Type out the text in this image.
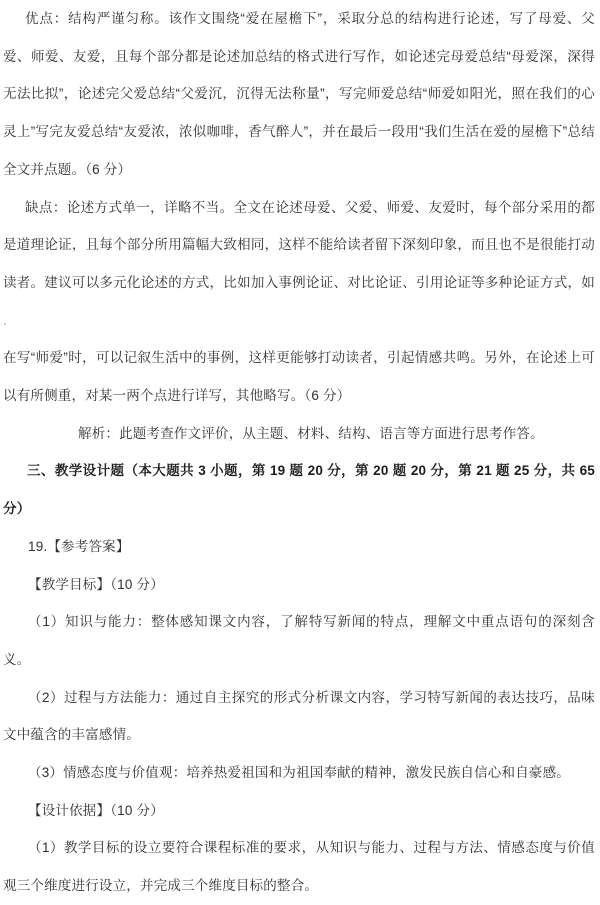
优点：结构严谨匀称。该作文围绕“爱在屋檐下”，采取分总的结构进行论述，写了母爱、父爱、师爱、友爱，且每个部分都是论述加总结的格式进行写作，如论述完母爱总结“母爱深，深得无法比拟”，论述完父爱总结“父爱沉，沉得无法称量”，写完师爱总结“师爱如阳光，照在我们的心灵上”写完友爱总结“友爱浓，浓似咖啡，香气醉人”，并在最后一段用“我们生活在爱的屋檐下”总结全文并点题。（6 分）

缺点：论述方式单一，详略不当。全文在论述母爱、父爱、师爱、友爱时，每个部分采用的都是道理论证，且每个部分所用篇幅大致相同，这样不能给读者留下深刻印象，而且也不是很能打动读者。建议可以多元化论述的方式，比如加入事例论证、对比论证、引用论证等多种论证方式，如 .

在写“师爱”时，可以记叙生活中的事例，这样更能够打动读者，引起情感共鸣。另外，在论述上可以有所侧重，对某一两个点进行详写，其他略写。（6 分）

解析：此题考查作文评价，从主题、材料、结构、语言等方面进行思考作答。

三、教学设计题（本大题共 3 小题，第 19 题 20 分，第 20 题 20 分，第 21 题 25 分，共 65 分）

19.【参考答案】

【教学目标】（10 分）

（1）知识与能力：整体感知课文内容，了解特写新闻的特点，理解文中重点语句的深刻含义。

（2）过程与方法能力：通过自主探究的形式分析课文内容，学习特写新闻的表达技巧，品味文中蕴含的丰富感情。

（3）情感态度与价值观：培养热爱祖国和为祖国奉献的精神，激发民族自信心和自豪感。

【设计依据】（10 分）

（1）教学目标的设立要符合课程标准的要求，从知识与能力、过程与方法、情感态度与价值观三个维度进行设立，并完成三个维度目标的整合。
